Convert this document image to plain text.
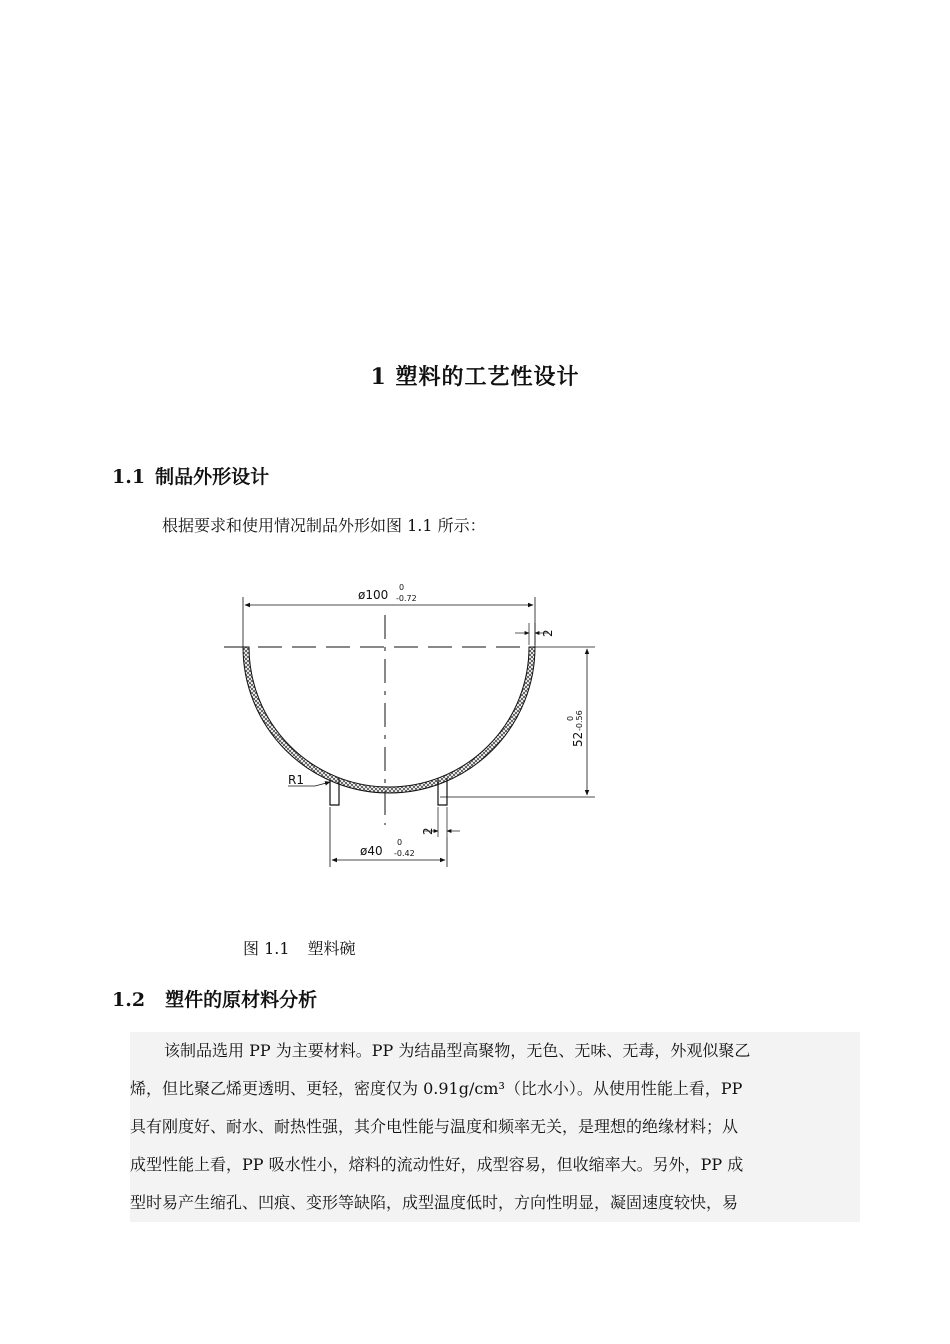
1 塑料的工艺性设计
1.1 制品外形设计
根据要求和使用情况制品外形如图 1.1 所示：
ø100
0
-0.72
2
52
0 -0.56
R1
2
ø40
0
-0.42
图 1.1 塑料碗
1.2 塑件的原材料分析
该制品选用 PP 为主要材料。PP 为结晶型高聚物，无色、无味、无毒，外观似聚乙
烯，但比聚乙烯更透明、更轻，密度仅为 0.91g/cm³（比水小）。从使用性能上看，PP
具有刚度好、耐水、耐热性强，其介电性能与温度和频率无关，是理想的绝缘材料；从
成型性能上看，PP 吸水性小，熔料的流动性好，成型容易，但收缩率大。另外，PP 成
型时易产生缩孔、凹痕、变形等缺陷，成型温度低时，方向性明显，凝固速度较快，易
